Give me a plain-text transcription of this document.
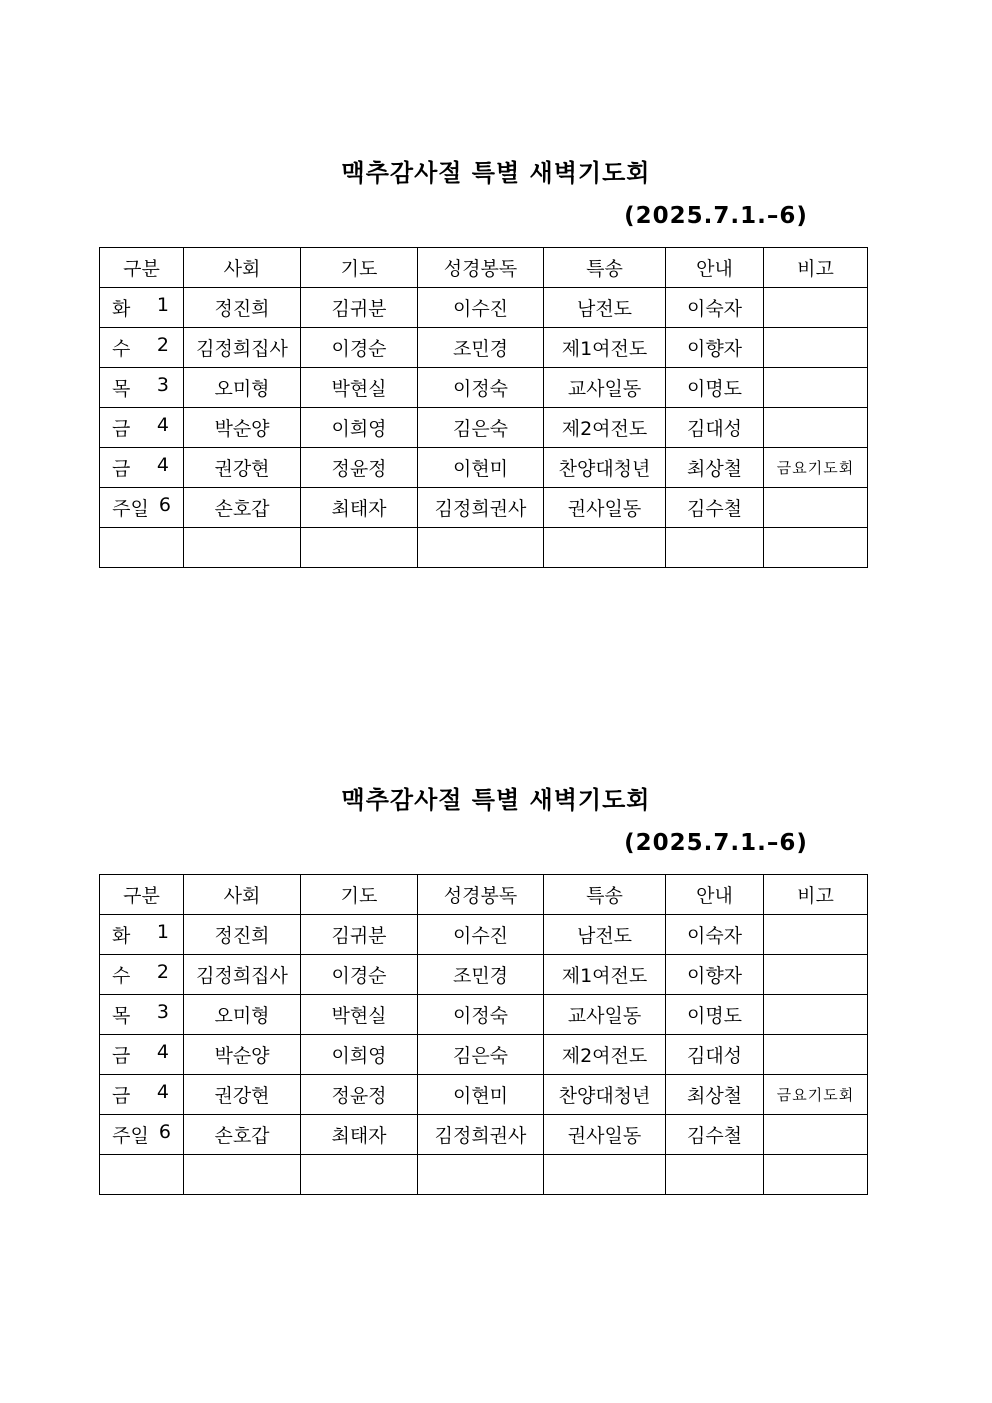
맥추감사절 특별 새벽기도회
(2025.7.1.–6)
구분	사회	기도	성경봉독	특송	안내	비고

화 1	정진희	김귀분	이수진	남전도	이숙자	

수 2	김정희집사	이경순	조민경	제1여전도	이향자	

목 3	오미형	박현실	이정숙	교사일동	이명도	

금 4	박순양	이희영	김은숙	제2여전도	김대성	

금 4	권강현	정윤정	이현미	찬양대청년	최상철	금요기도회

주일 6	손호갑	최태자	김정희권사	권사일동	김수철	

맥추감사절 특별 새벽기도회
(2025.7.1.–6)
구분	사회	기도	성경봉독	특송	안내	비고

화 1	정진희	김귀분	이수진	남전도	이숙자	

수 2	김정희집사	이경순	조민경	제1여전도	이향자	

목 3	오미형	박현실	이정숙	교사일동	이명도	

금 4	박순양	이희영	김은숙	제2여전도	김대성	

금 4	권강현	정윤정	이현미	찬양대청년	최상철	금요기도회

주일 6	손호갑	최태자	김정희권사	권사일동	김수철	
